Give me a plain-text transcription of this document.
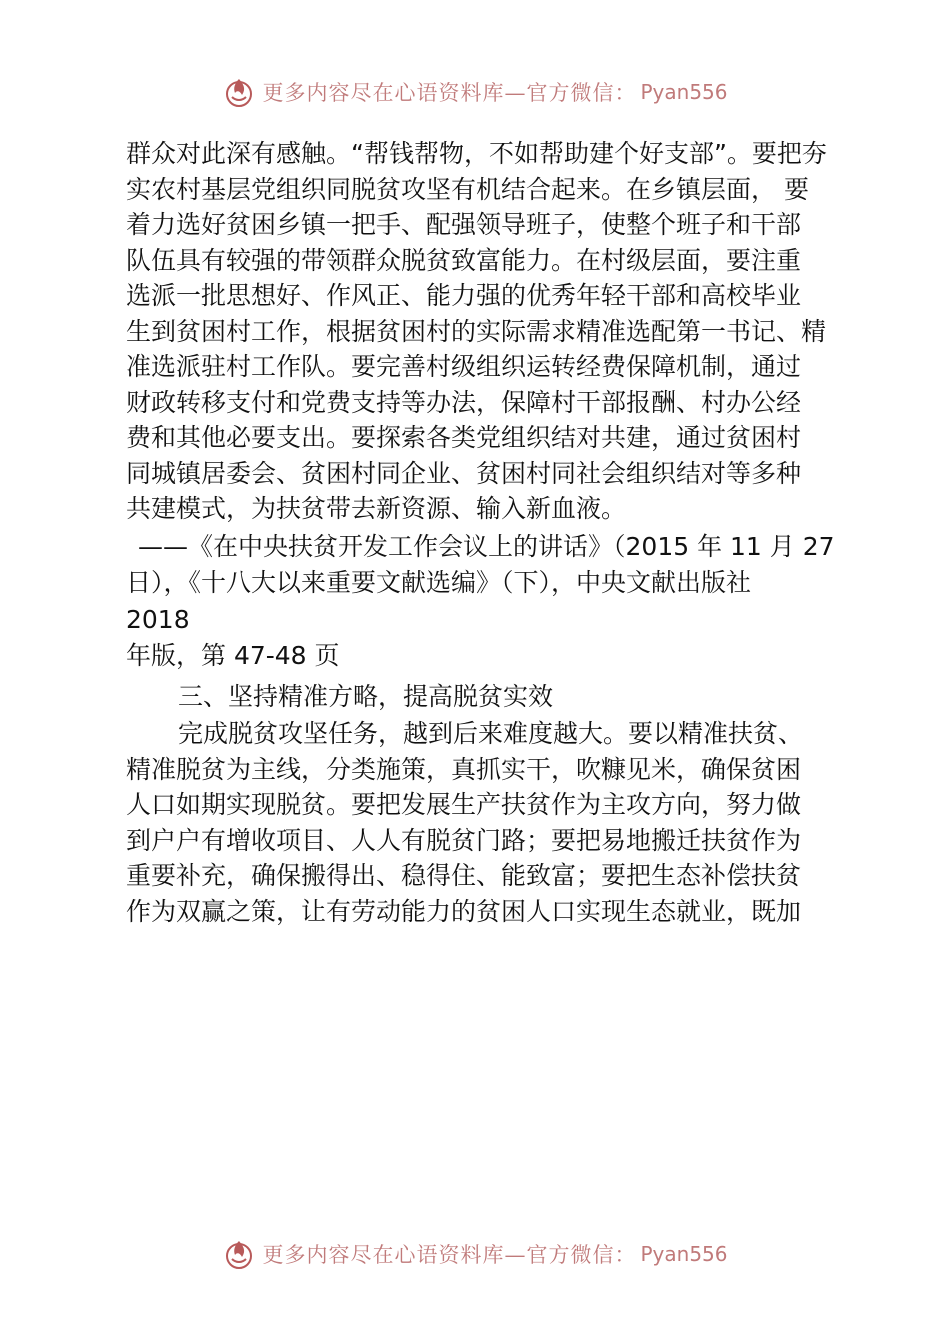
更多内容尽在心语资料库—官方微信： Pyan556

群众对此深有感触。“帮钱帮物，不如帮助建个好支部”。要把夯
实农村基层党组织同脱贫攻坚有机结合起来。在乡镇层面， 要
着力选好贫困乡镇一把手、配强领导班子，使整个班子和干部
队伍具有较强的带领群众脱贫致富能力。在村级层面，要注重
选派一批思想好、作风正、能力强的优秀年轻干部和高校毕业
生到贫困村工作，根据贫困村的实际需求精准选配第一书记、精
准选派驻村工作队。要完善村级组织运转经费保障机制，通过
财政转移支付和党费支持等办法，保障村干部报酬、村办公经
费和其他必要支出。要探索各类党组织结对共建，通过贫困村
同城镇居委会、贫困村同企业、贫困村同社会组织结对等多种
共建模式，为扶贫带去新资源、输入新血液。

——《在中央扶贫开发工作会议上的讲话》（2015 年 11 月 27
日），《十八大以来重要文献选编》（下），中央文献出版社
2018
年版，第 47-48 页

三、坚持精准方略，提高脱贫实效

完成脱贫攻坚任务，越到后来难度越大。要以精准扶贫、
精准脱贫为主线，分类施策，真抓实干，吹糠见米，确保贫困
人口如期实现脱贫。要把发展生产扶贫作为主攻方向，努力做
到户户有增收项目、人人有脱贫门路；要把易地搬迁扶贫作为
重要补充，确保搬得出、稳得住、能致富；要把生态补偿扶贫
作为双赢之策，让有劳动能力的贫困人口实现生态就业，既加

更多内容尽在心语资料库—官方微信： Pyan556
